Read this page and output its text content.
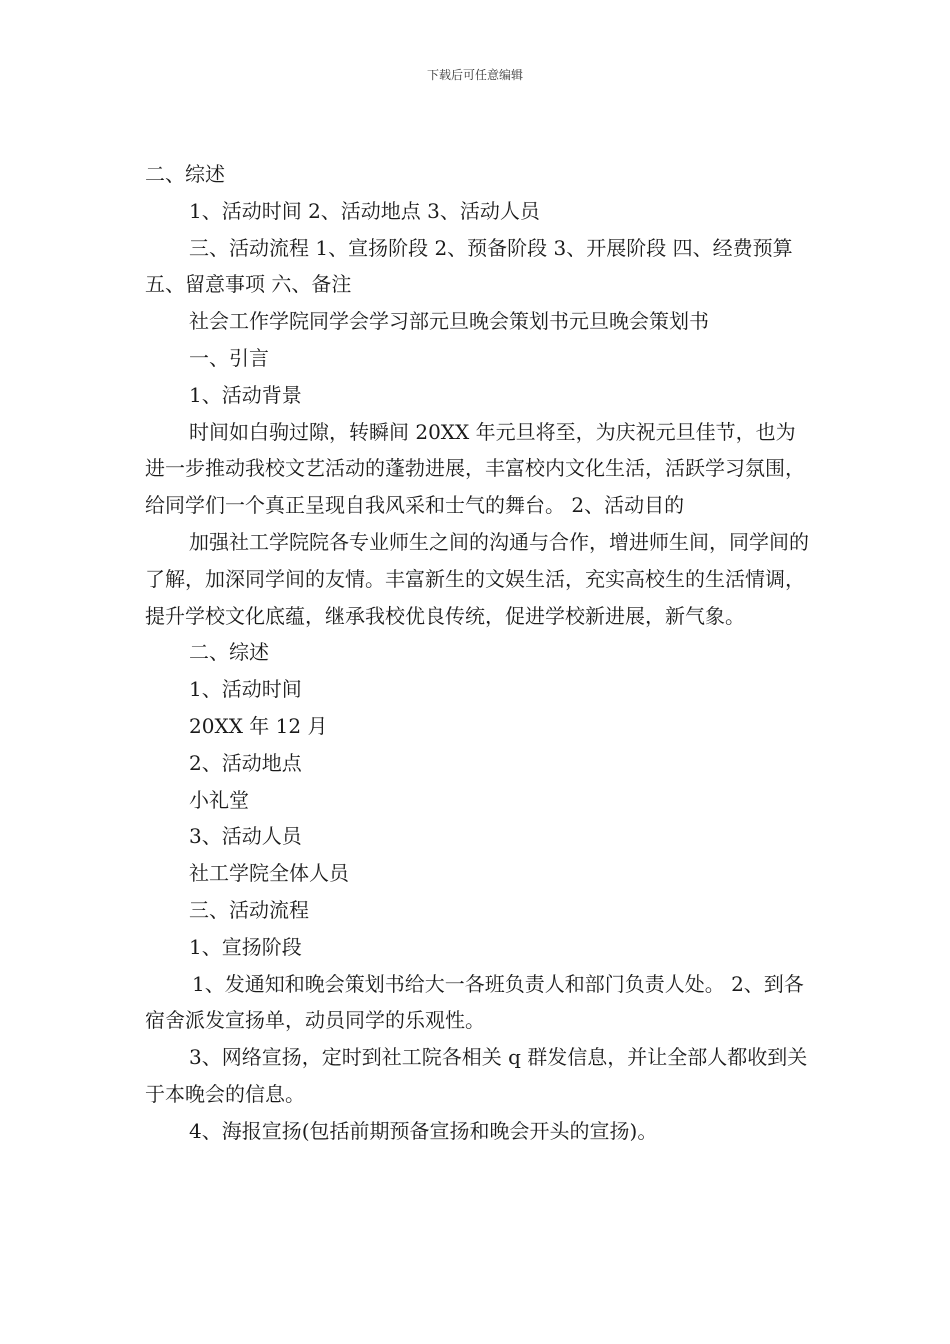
下载后可任意编辑

二、综述

1、活动时间 2、活动地点 3、活动人员

三、活动流程 1、宣扬阶段 2、预备阶段 3、开展阶段 四、经费预算 五、留意事项 六、备注

社会工作学院同学会学习部元旦晚会策划书元旦晚会策划书

一、引言

1、活动背景

时间如白驹过隙，转瞬间 20XX 年元旦将至，为庆祝元旦佳节，也为进一步推动我校文艺活动的蓬勃进展，丰富校内文化生活，活跃学习氛围，给同学们一个真正呈现自我风采和士气的舞台。 2、活动目的

加强社工学院院各专业师生之间的沟通与合作，增进师生间，同学间的了解，加深同学间的友情。丰富新生的文娱生活，充实高校生的生活情调，提升学校文化底蕴，继承我校优良传统，促进学校新进展，新气象。

二、综述

1、活动时间

20XX 年 12 月

2、活动地点

小礼堂

3、活动人员

社工学院全体人员

三、活动流程

1、宣扬阶段

1、发通知和晚会策划书给大一各班负责人和部门负责人处。 2、到各宿舍派发宣扬单，动员同学的乐观性。

3、网络宣扬，定时到社工院各相关 q 群发信息，并让全部人都收到关于本晚会的信息。

4、海报宣扬(包括前期预备宣扬和晚会开头的宣扬)。
